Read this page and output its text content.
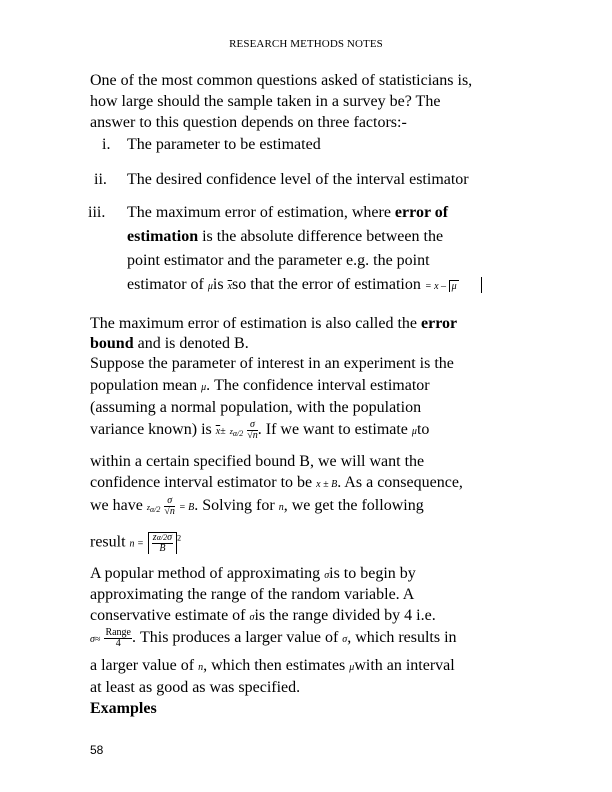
RESEARCH METHODS NOTES
One of the most common questions asked of statisticians is,
how large should the sample taken in a survey be? The
answer to this question depends on three factors:-
i. The parameter to be estimated
ii. The desired confidence level of the interval estimator
iii. The maximum error of estimation, where error of
estimation is the absolute difference between the
point estimator and the parameter e.g. the point
estimator of μis $\overline{x}so$ that the error of estimation = x – μ
The maximum error of estimation is also called the error
bound and is denoted B.
Suppose the parameter of interest in an experiment is the
population mean μ. The confidence interval estimator
(assuming a normal population, with the population
variance known) is $\overline{x}\pm z\alpha/2 \frac{\sigma}{√n}$ . If we want to estimate μto
within a certain specified bound B, we will want the
confidence interval estimator to be x ± B. As a consequence,
we have $z\alpha/2 \frac{\sigma}{√n} = B$. Solving for n, we get the following
result $n = \frac{z\alpha/2\sigma}{B} ^2$
A popular method of approximating σis to begin by
approximating the range of the random variable. A
conservative estimate of σis the range divided by 4 i.e.
$\sigma\approx \frac{\text{Range}}{4}$ . This produces a larger value of σ, which results in
a larger value of n, which then estimates μwith an interval
at least as good as was specified.
Examples
58
